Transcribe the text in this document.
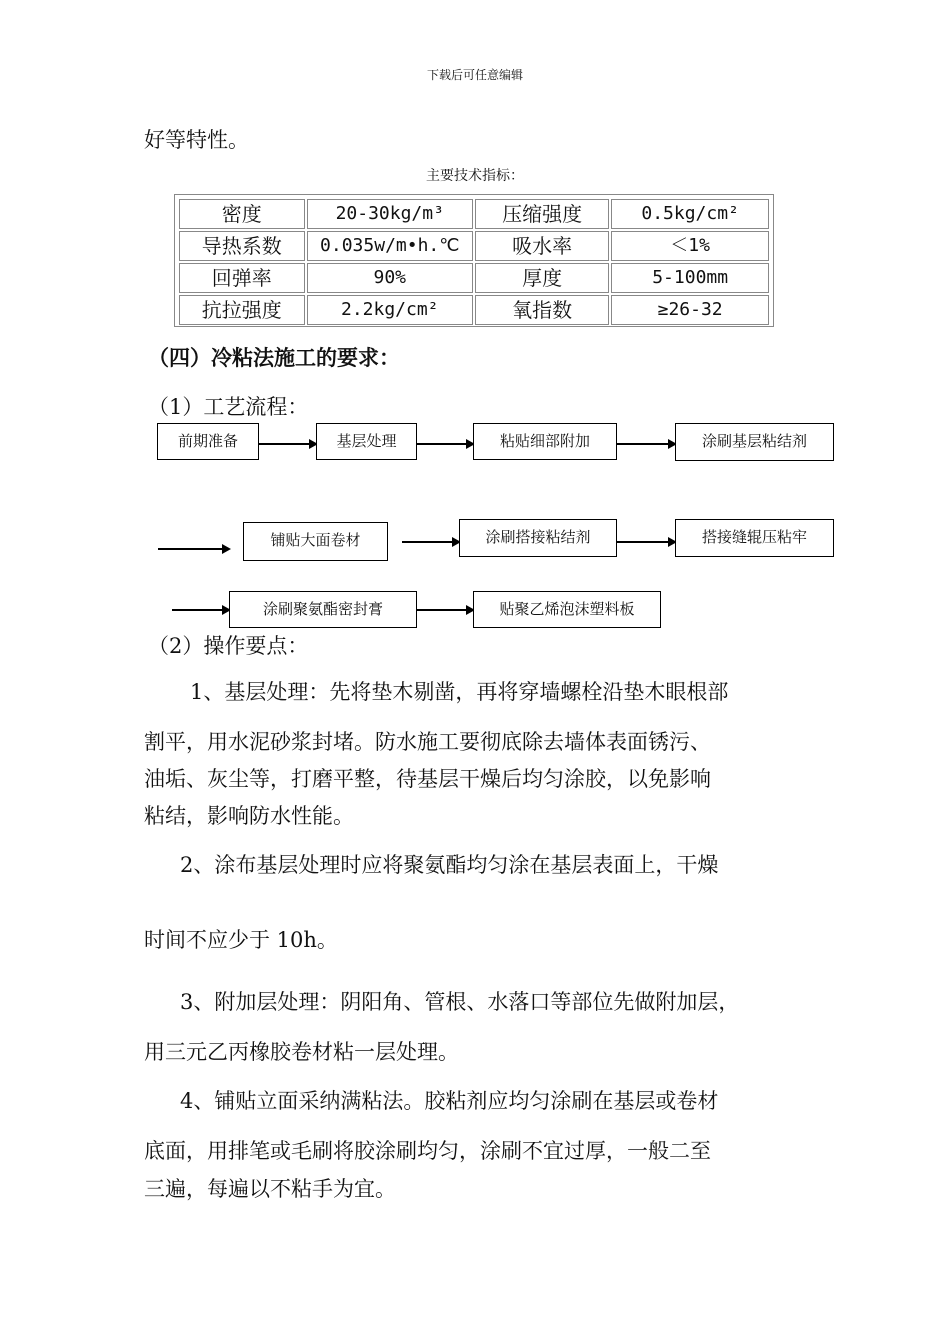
下载后可任意编辑
好等特性。
主要技术指标：
密度	20-30kg/m³	压缩强度	0.5kg/cm²
导热系数	0.035w/m•h.℃	吸水率	＜1%
回弹率	90%	厚度	5-100mm
抗拉强度	2.2kg/cm²	氧指数	≥26-32
（四）冷粘法施工的要求：
（1）工艺流程：
前期准备	基层处理	粘贴细部附加	涂刷基层粘结剂
铺贴大面卷材	涂刷搭接粘结剂	搭接缝辊压粘牢
涂刷聚氨酯密封膏	贴聚乙烯泡沫塑料板
（2）操作要点：
1、基层处理：先将垫木剔凿，再将穿墙螺栓沿垫木眼根部
割平，用水泥砂浆封堵。防水施工要彻底除去墙体表面锈污、
油垢、灰尘等，打磨平整，待基层干燥后均匀涂胶，以免影响
粘结，影响防水性能。
2、涂布基层处理时应将聚氨酯均匀涂在基层表面上，干燥
时间不应少于 10h。
3、附加层处理：阴阳角、管根、水落口等部位先做附加层，
用三元乙丙橡胶卷材粘一层处理。
4、铺贴立面采纳满粘法。胶粘剂应均匀涂刷在基层或卷材
底面，用排笔或毛刷将胶涂刷均匀，涂刷不宜过厚，一般二至
三遍，每遍以不粘手为宜。
